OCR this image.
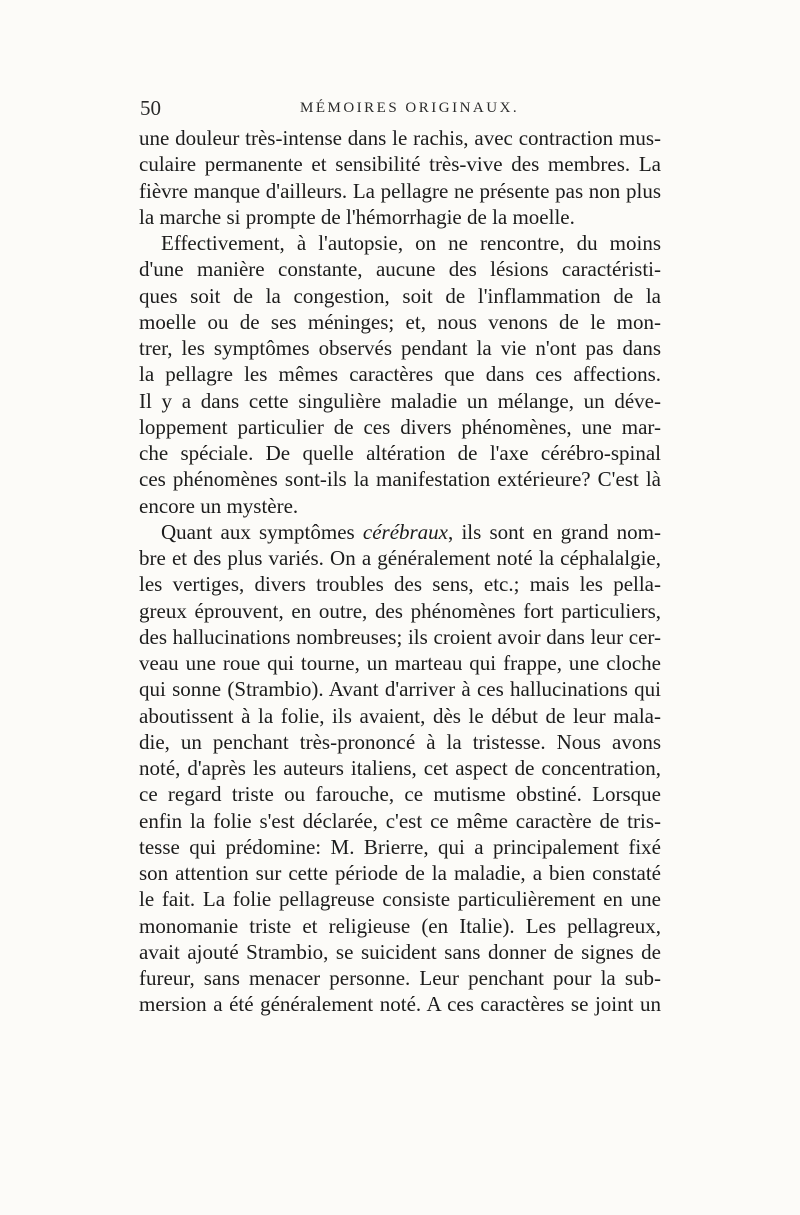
50	MÉMOIRES ORIGINAUX.
une douleur très-intense dans le rachis, avec contraction mus-
culaire permanente et sensibilité très-vive des membres. La
fièvre manque d'ailleurs. La pellagre ne présente pas non plus
la marche si prompte de l'hémorrhagie de la moelle.
Effectivement, à l'autopsie, on ne rencontre, du moins
d'une manière constante, aucune des lésions caractéristi-
ques soit de la congestion, soit de l'inflammation de la
moelle ou de ses méninges; et, nous venons de le mon-
trer, les symptômes observés pendant la vie n'ont pas dans
la pellagre les mêmes caractères que dans ces affections.
Il y a dans cette singulière maladie un mélange, un déve-
loppement particulier de ces divers phénomènes, une mar-
che spéciale. De quelle altération de l'axe cérébro-spinal
ces phénomènes sont-ils la manifestation extérieure? C'est là
encore un mystère.
Quant aux symptômes cérébraux, ils sont en grand nom-
bre et des plus variés. On a généralement noté la céphalalgie,
les vertiges, divers troubles des sens, etc.; mais les pella-
greux éprouvent, en outre, des phénomènes fort particuliers,
des hallucinations nombreuses; ils croient avoir dans leur cer-
veau une roue qui tourne, un marteau qui frappe, une cloche
qui sonne (Strambio). Avant d'arriver à ces hallucinations qui
aboutissent à la folie, ils avaient, dès le début de leur mala-
die, un penchant très-prononcé à la tristesse. Nous avons
noté, d'après les auteurs italiens, cet aspect de concentration,
ce regard triste ou farouche, ce mutisme obstiné. Lorsque
enfin la folie s'est déclarée, c'est ce même caractère de tris-
tesse qui prédomine: M. Brierre, qui a principalement fixé
son attention sur cette période de la maladie, a bien constaté
le fait. La folie pellagreuse consiste particulièrement en une
monomanie triste et religieuse (en Italie). Les pellagreux,
avait ajouté Strambio, se suicident sans donner de signes de
fureur, sans menacer personne. Leur penchant pour la sub-
mersion a été généralement noté. A ces caractères se joint un
